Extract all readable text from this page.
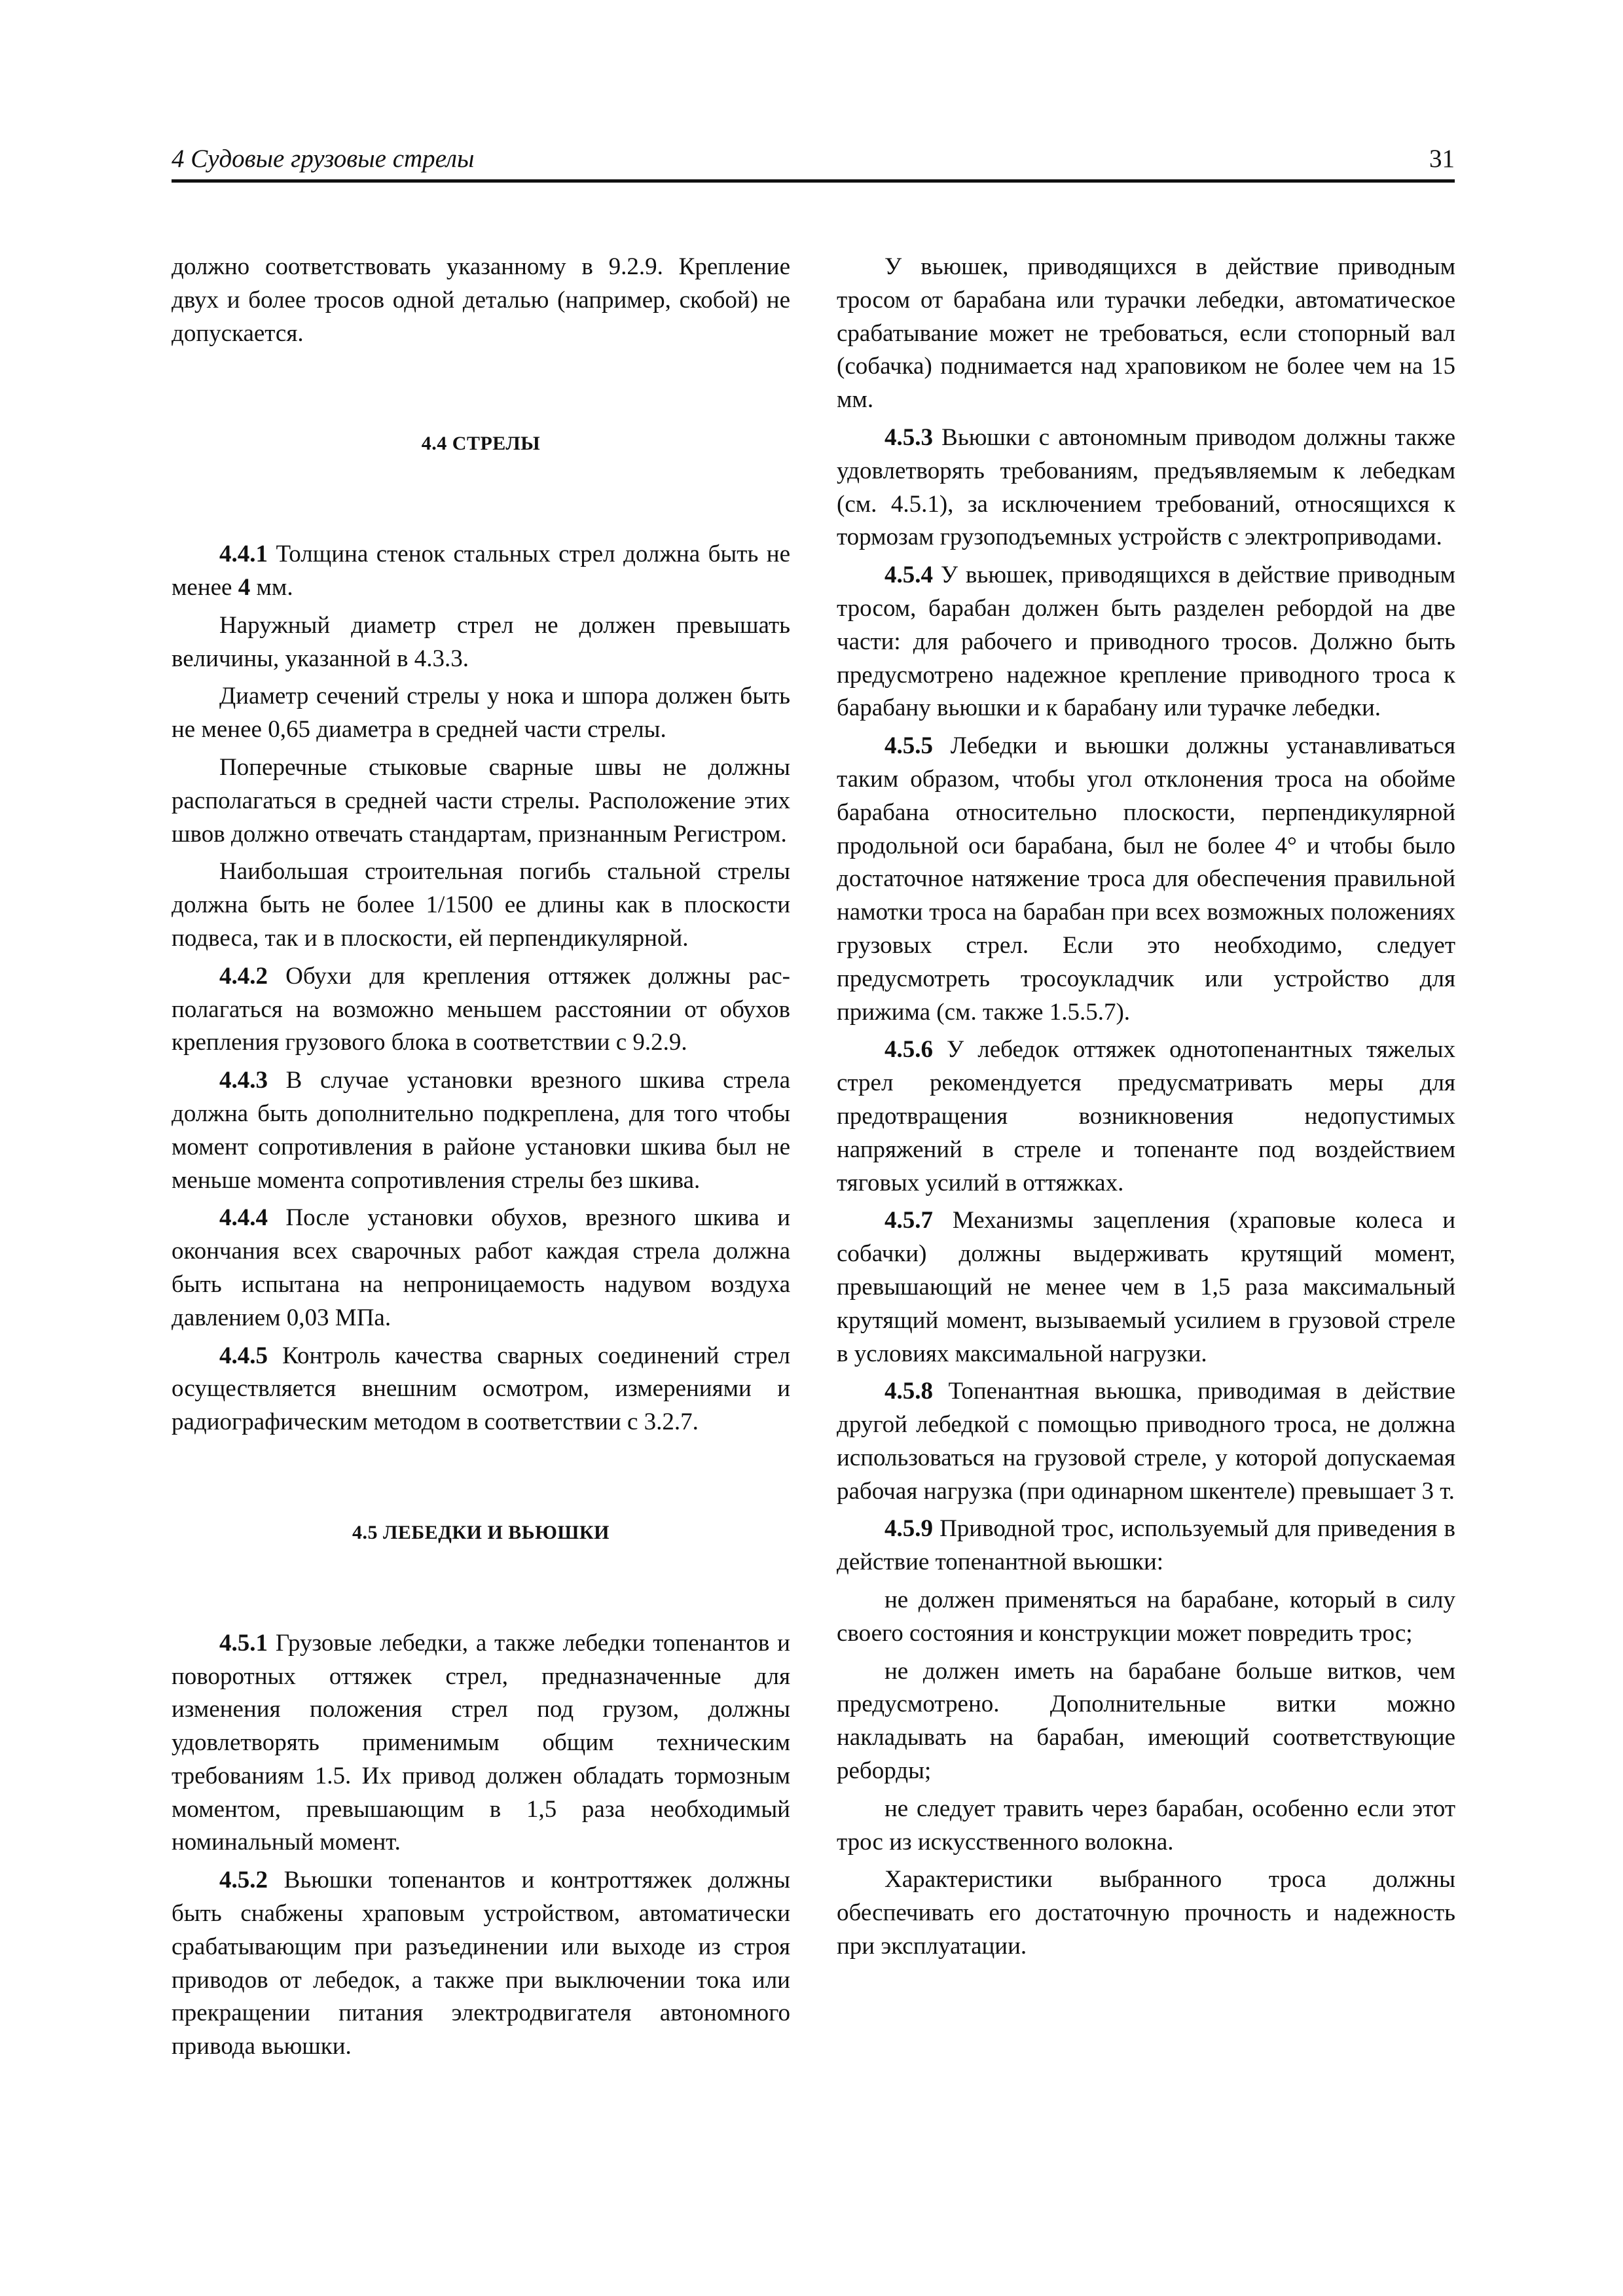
4 Судовые грузовые стрелы	31

должно соответствовать указанному в 9.2.9. Крепление двух и более тросов одной деталью (например, скобой) не допускается.

4.4 СТРЕЛЫ

4.4.1 Толщина стенок стальных стрел должна быть не менее 4 мм.

Наружный диаметр стрел не должен превышать величины, указанной в 4.3.3.

Диаметр сечений стрелы у нока и шпора должен быть не менее 0,65 диаметра в средней части стрелы.

Поперечные стыковые сварные швы не должны располагаться в средней части стрелы. Расположение этих швов должно отвечать стандартам, признанным Регистром.

Наибольшая строительная погибь стальной стрелы должна быть не более 1/1500 ее длины как в плоскости подвеса, так и в плоскости, ей перпендикулярной.

4.4.2 Обухи для крепления оттяжек должны располагаться на возможно меньшем расстоянии от обухов крепления грузового блока в соответствии с 9.2.9.

4.4.3 В случае установки врезного шкива стрела должна быть дополнительно подкреплена, для того чтобы момент сопротивления в районе установки шкива был не меньше момента сопротивления стрелы без шкива.

4.4.4 После установки обухов, врезного шкива и окончания всех сварочных работ каждая стрела должна быть испытана на непроницаемость надувом воздуха давлением 0,03 МПа.

4.4.5 Контроль качества сварных соединений стрел осуществляется внешним осмотром, измерениями и радиографическим методом в соответствии с 3.2.7.

4.5 ЛЕБЕДКИ И ВЬЮШКИ

4.5.1 Грузовые лебедки, а также лебедки топенантов и поворотных оттяжек стрел, предназначенные для изменения положения стрел под грузом, должны удовлетворять применимым общим техническим требованиям 1.5. Их привод должен обладать тормозным моментом, превышающим в 1,5 раза необходимый номинальный момент.

4.5.2 Вьюшки топенантов и контроттяжек должны быть снабжены храповым устройством, автоматически срабатывающим при разъединении или выходе из строя приводов от лебедок, а также при выключении тока или прекращении питания электродвигателя автономного привода вьюшки.

У вьюшек, приводящихся в действие приводным тросом от барабана или турачки лебедки, автоматическое срабатывание может не требоваться, если стопорный вал (собачка) поднимается над храповиком не более чем на 15 мм.

4.5.3 Вьюшки с автономным приводом должны также удовлетворять требованиям, предъявляемым к лебедкам (см. 4.5.1), за исключением требований, относящихся к тормозам грузоподъемных устройств с электроприводами.

4.5.4 У вьюшек, приводящихся в действие приводным тросом, барабан должен быть разделен ребордой на две части: для рабочего и приводного тросов. Должно быть предусмотрено надежное крепление приводного троса к барабану вьюшки и к барабану или турачке лебедки.

4.5.5 Лебедки и вьюшки должны устанавливаться таким образом, чтобы угол отклонения троса на обойме барабана относительно плоскости, перпендикулярной продольной оси барабана, был не более 4° и чтобы было достаточное натяжение троса для обеспечения правильной намотки троса на барабан при всех возможных положениях грузовых стрел. Если это необходимо, следует предусмотреть тросоукладчик или устройство для прижима (см. также 1.5.5.7).

4.5.6 У лебедок оттяжек однотопенантных тяжелых стрел рекомендуется предусматривать меры для предотвращения возникновения недопустимых напряжений в стреле и топенанте под воздействием тяговых усилий в оттяжках.

4.5.7 Механизмы зацепления (храповые колеса и собачки) должны выдерживать крутящий момент, превышающий не менее чем в 1,5 раза максимальный крутящий момент, вызываемый усилием в грузовой стреле в условиях максимальной нагрузки.

4.5.8 Топенантная вьюшка, приводимая в действие другой лебедкой с помощью приводного троса, не должна использоваться на грузовой стреле, у которой допускаемая рабочая нагрузка (при одинарном шкентеле) превышает 3 т.

4.5.9 Приводной трос, используемый для приведения в действие топенантной вьюшки:

не должен применяться на барабане, который в силу своего состояния и конструкции может повредить трос;

не должен иметь на барабане больше витков, чем предусмотрено. Дополнительные витки можно накладывать на барабан, имеющий соответствующие реборды;

не следует травить через барабан, особенно если этот трос из искусственного волокна.

Характеристики выбранного троса должны обеспечивать его достаточную прочность и надежность при эксплуатации.
